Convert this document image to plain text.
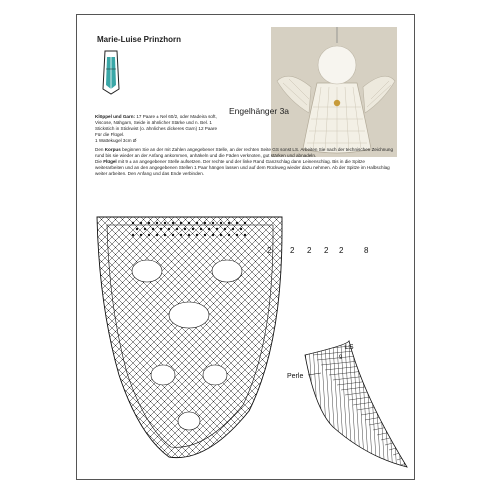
Marie-Luise Prinzhorn
Engelhänger 3a
Klöppel und Garn: 17 Paare ± Nel 60/2, oder Madeira soft,
Viscose, Nähgarn, Seide in ähnlicher Stärke und n. Bel. 1
Stickstich in Stickwist (o. ähnliches dickeres Garn) 12 Paare
Für die Flügel.
1 Wattekugel 3cm Ø
Den Korpus beginnen Sie an der mit Zahlen angegebener Stelle, an der rechten Seite GS sonst LS. Arbeiten Sie nach der technischen Zeichnung rund bis sie wieder an der Anfang ankommen, anhäkeln und die Fäden verknoten, gut stärken und abnadeln.
Die Flügel mit 9 ± an angegebener Stelle aufsetzen. Der rechte und der linke Rand Ganzschlag dann Leinenschlag. Bis in die Spitze weiterarbeiten und an den angegebenen Stellen 1 Paar hängen lassen und auf dem Rückweg wieder dazu nehmen. Ab der Spitze im Halbschlag weiter arbeiten. Den Anfang und das Ende verbinden.
2 2 2 2 2	8
LS
9
Perle
